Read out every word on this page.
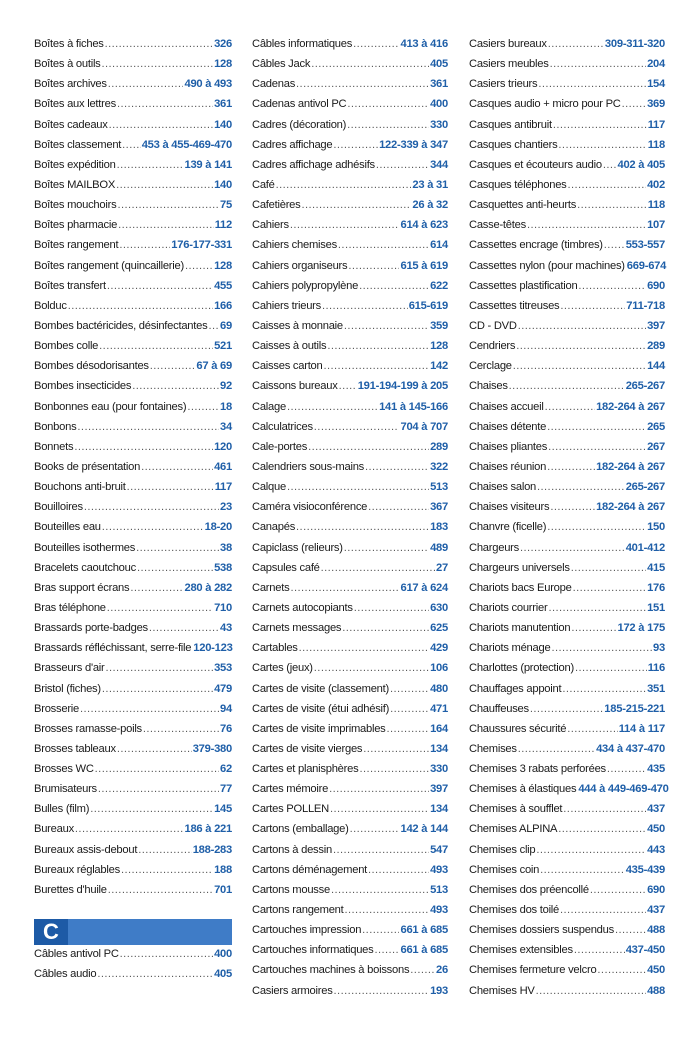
Boîtes à fiches .....	326
Boîtes à outils .....	128
Boîtes archives .....	490 à 493
Boîtes aux lettres .....	361
Boîtes cadeaux .....	140
Boîtes classement ..... 453 à 455-469-470
Boîtes expédition .....	139 à 141
Boîtes MAILBOX .....	140
Boîtes mouchoirs .....	75
Boîtes pharmacie .....	112
Boîtes rangement .....	176-177-331
Boîtes rangement (quincaillerie) .....	128
Boîtes transfert .....	455
Bolduc .....	166
Bombes bactéricides, désinfectantes ..... 69
Bombes colle .....	521
Bombes désodorisantes .....	67 à 69
Bombes insecticides .....	92
Bonbonnes eau (pour fontaines) .....	18
Bonbons .....	34
Bonnets .....	120
Books de présentation .....	461
Bouchons anti-bruit .....	117
Bouilloires .....	23
Bouteilles eau .....	18-20
Bouteilles isothermes .....	38
Bracelets caoutchouc .....	538
Bras support écrans .....	280 à 282
Bras téléphone .....	710
Brassards porte-badges .....	43
Brassards réfléchissant, serre-file 120-123
Brasseurs d'air .....	353
Bristol (fiches) .....	479
Brosserie .....	94
Brosses ramasse-poils .....	76
Brosses tableaux .....	379-380
Brosses WC .....	62
Brumisateurs .....	77
Bulles (film) .....	145
Bureaux .....	186 à 221
Bureaux assis-debout .....	188-283
Bureaux réglables .....	188
Burettes d'huile .....	701
C
Câbles antivol PC .....	400
Câbles audio .....	405
Câbles informatiques .....	413 à 416
Câbles Jack .....	405
Cadenas .....	361
Cadenas antivol PC .....	400
Cadres (décoration) .....	330
Cadres affichage .....	122-339 à 347
Cadres affichage adhésifs .....	344
Café .....	23 à 31
Cafetières .....	26 à 32
Cahiers .....	614 à 623
Cahiers chemises .....	614
Cahiers organiseurs .....	615 à 619
Cahiers polypropylène .....	622
Cahiers trieurs .....	615-619
Caisses à monnaie .....	359
Caisses à outils .....	128
Caisses carton .....	142
Caissons bureaux ..... 191-194-199 à 205
Calage .....	141 à 145-166
Calculatrices .....	704 à 707
Cale-portes .....	289
Calendriers sous-mains .....	322
Calque .....	513
Caméra visioconférence .....	367
Canapés .....	183
Capiclass (relieurs) .....	489
Capsules café .....	27
Carnets .....	617 à 624
Carnets autocopiants .....	630
Carnets messages .....	625
Cartables .....	429
Cartes (jeux) .....	106
Cartes de visite (classement) .....	480
Cartes de visite (étui adhésif) .....	471
Cartes de visite imprimables .....	164
Cartes de visite vierges .....	134
Cartes et planisphères .....	330
Cartes mémoire .....	397
Cartes POLLEN .....	134
Cartons (emballage) .....	142 à 144
Cartons à dessin .....	547
Cartons déménagement .....	493
Cartons mousse .....	513
Cartons rangement .....	493
Cartouches impression .....	661 à 685
Cartouches informatiques ..... 661 à 685
Cartouches machines à boissons ..... 26
Casiers armoires .....	193
Casiers bureaux .....	309-311-320
Casiers meubles .....	204
Casiers trieurs .....	154
Casques audio + micro pour PC ..... 369
Casques antibruit .....	117
Casques chantiers .....	118
Casques et écouteurs audio ..... 402 à 405
Casques téléphones .....	402
Casquettes anti-heurts .....	118
Casse-têtes .....	107
Cassettes encrage (timbres) ..... 553-557
Cassettes nylon (pour machines) 669-674
Cassettes plastification .....	690
Cassettes titreuses .....	711-718
CD - DVD .....	397
Cendriers .....	289
Cerclage .....	144
Chaises .....	265-267
Chaises accueil .....	182-264 à 267
Chaises détente .....	265
Chaises pliantes .....	267
Chaises réunion .....	182-264 à 267
Chaises salon .....	265-267
Chaises visiteurs .....	182-264 à 267
Chanvre (ficelle) .....	150
Chargeurs .....	401-412
Chargeurs universels .....	415
Chariots bacs Europe .....	176
Chariots courrier .....	151
Chariots manutention .....	172 à 175
Chariots ménage .....	93
Charlottes (protection) .....	116
Chauffages appoint .....	351
Chauffeuses .....	185-215-221
Chaussures sécurité .....	114 à 117
Chemises .....	434 à 437-470
Chemises 3 rabats perforées .....	435
Chemises à élastiques 444 à 449-469-470
Chemises à soufflet .....	437
Chemises ALPINA .....	450
Chemises clip .....	443
Chemises coin .....	435-439
Chemises dos préencollé .....	690
Chemises dos toilé .....	437
Chemises dossiers suspendus .....	488
Chemises extensibles .....	437-450
Chemises fermeture velcro .....	450
Chemises HV .....	488
